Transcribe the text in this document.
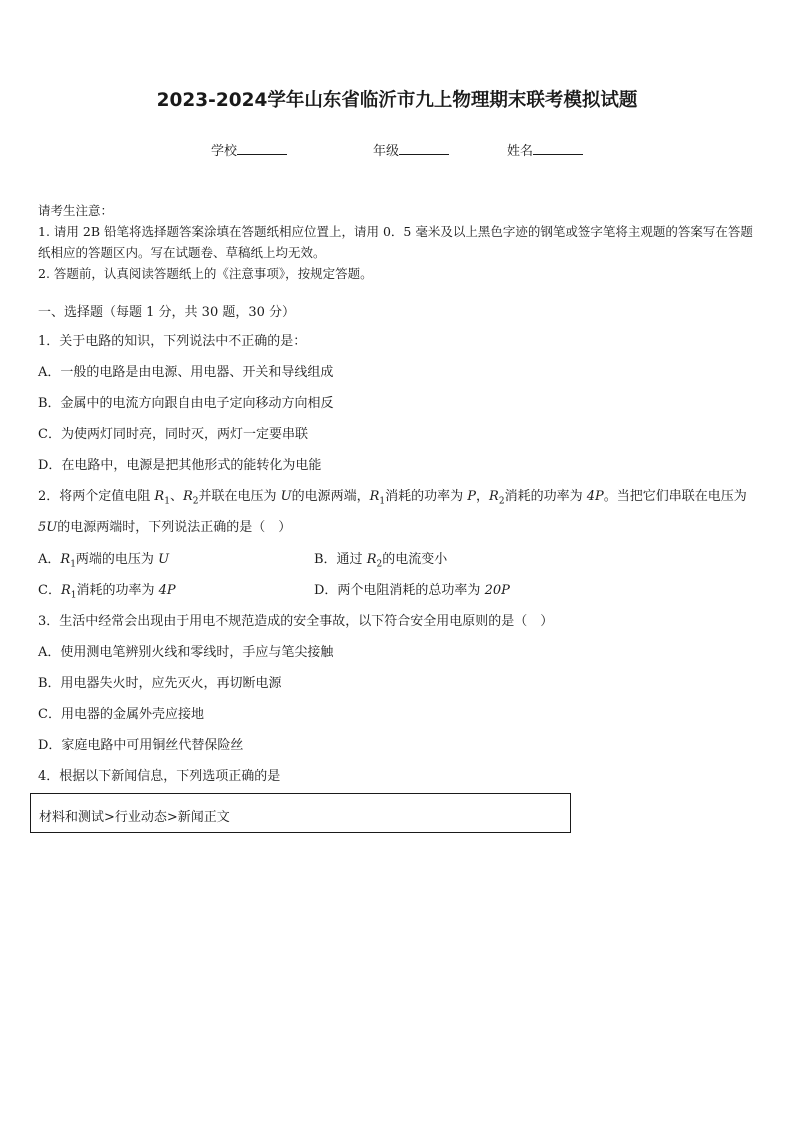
2023-2024学年山东省临沂市九上物理期末联考模拟试题
学校	年级	姓名
请考生注意：
1. 请用 2B 铅笔将选择题答案涂填在答题纸相应位置上，请用 0．5 毫米及以上黑色字迹的钢笔或签字笔将主观题的答案写在答题纸相应的答题区内。写在试题卷、草稿纸上均无效。
2. 答题前，认真阅读答题纸上的《注意事项》，按规定答题。
一、选择题（每题 1 分，共 30 题，30 分）
1．关于电路的知识，下列说法中不正确的是：
A．一般的电路是由电源、用电器、开关和导线组成
B．金属中的电流方向跟自由电子定向移动方向相反
C．为使两灯同时亮，同时灭，两灯一定要串联
D．在电路中，电源是把其他形式的能转化为电能
2．将两个定值电阻 $R_1$、$R_2$并联在电压为 U的电源两端，$R_1$消耗的功率为 P，$R_2$消耗的功率为 4P。当把它们串联在电压为 5U的电源两端时，下列说法正确的是（　）
A．$R_1$两端的电压为 U	B．通过 $R_2$的电流变小
C．$R_1$消耗的功率为 4P	D．两个电阻消耗的总功率为 20P
3．生活中经常会出现由于用电不规范造成的安全事故，以下符合安全用电原则的是（　）
A．使用测电笔辨别火线和零线时，手应与笔尖接触
B．用电器失火时，应先灭火，再切断电源
C．用电器的金属外壳应接地
D．家庭电路中可用铜丝代替保险丝
4．根据以下新闻信息，下列选项正确的是
材料和测试>行业动态>新闻正文
